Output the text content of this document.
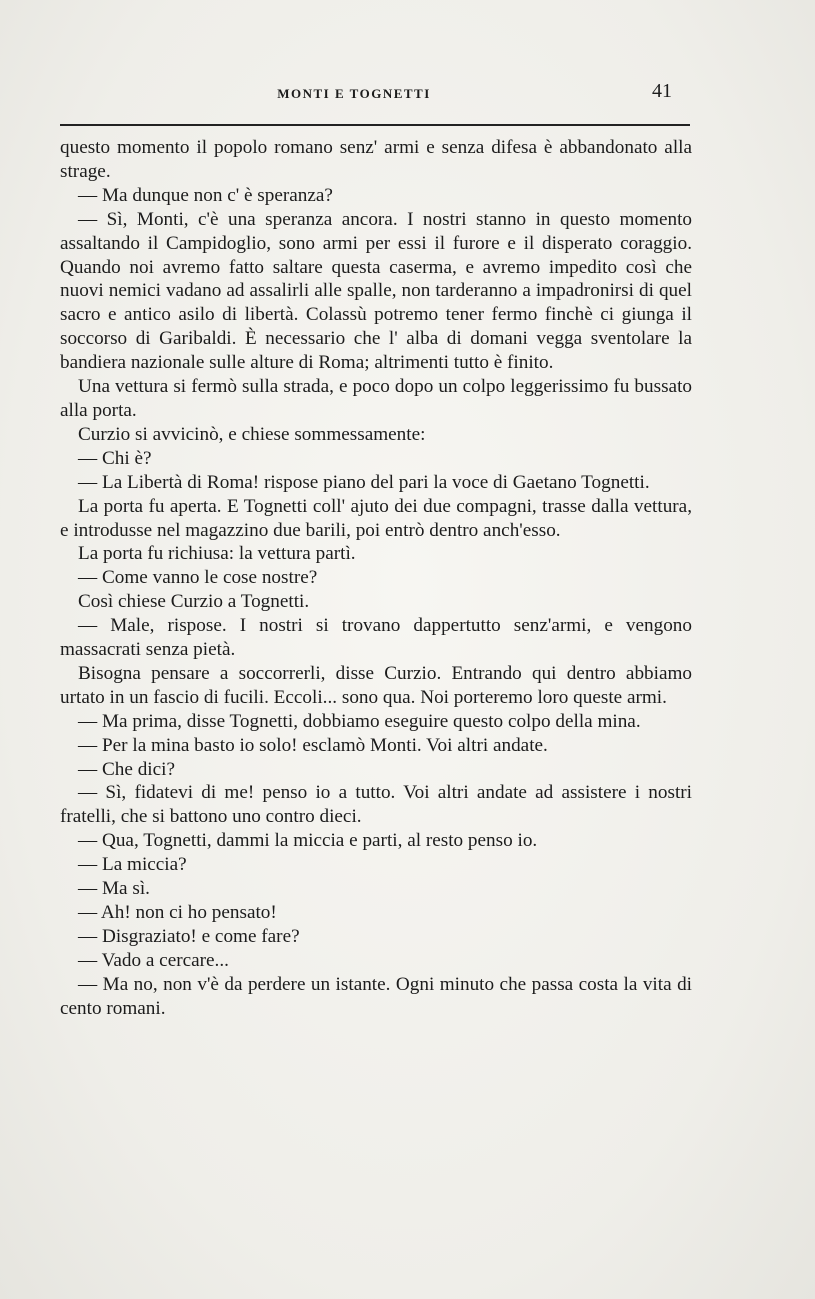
MONTI E TOGNETTI	41

questo momento il popolo romano senz' armi e senza difesa è abbandonato alla strage.

— Ma dunque non c' è speranza?

— Sì, Monti, c'è una speranza ancora. I nostri stanno in questo momento assaltando il Campidoglio, sono armi per essi il furore e il disperato coraggio. Quando noi avremo fatto saltare questa caserma, e avremo impedito così che nuovi nemici vadano ad assalirli alle spalle, non tarderanno a impadronirsi di quel sacro e antico asilo di libertà. Colassù potremo tener fermo finchè ci giunga il soccorso di Garibaldi. È necessario che l' alba di domani vegga sventolare la bandiera nazionale sulle alture di Roma; altrimenti tutto è finito.

Una vettura si fermò sulla strada, e poco dopo un colpo leggerissimo fu bussato alla porta.

Curzio si avvicinò, e chiese sommessamente:

— Chi è?

— La Libertà di Roma! rispose piano del pari la voce di Gaetano Tognetti.

La porta fu aperta. E Tognetti coll' ajuto dei due compagni, trasse dalla vettura, e introdusse nel magazzino due barili, poi entrò dentro anch'esso.

La porta fu richiusa: la vettura partì.

— Come vanno le cose nostre?

Così chiese Curzio a Tognetti.

— Male, rispose. I nostri si trovano dappertutto senz'armi, e vengono massacrati senza pietà.

Bisogna pensare a soccorrerli, disse Curzio. Entrando qui dentro abbiamo urtato in un fascio di fucili. Eccoli... sono qua. Noi porteremo loro queste armi.

— Ma prima, disse Tognetti, dobbiamo eseguire questo colpo della mina.

— Per la mina basto io solo! esclamò Monti. Voi altri andate.

— Che dici?

— Sì, fidatevi di me! penso io a tutto. Voi altri andate ad assistere i nostri fratelli, che si battono uno contro dieci.

— Qua, Tognetti, dammi la miccia e parti, al resto penso io.

— La miccia?

— Ma sì.

— Ah! non ci ho pensato!

— Disgraziato! e come fare?

— Vado a cercare...

— Ma no, non v'è da perdere un istante. Ogni minuto che passa costa la vita di cento romani.
